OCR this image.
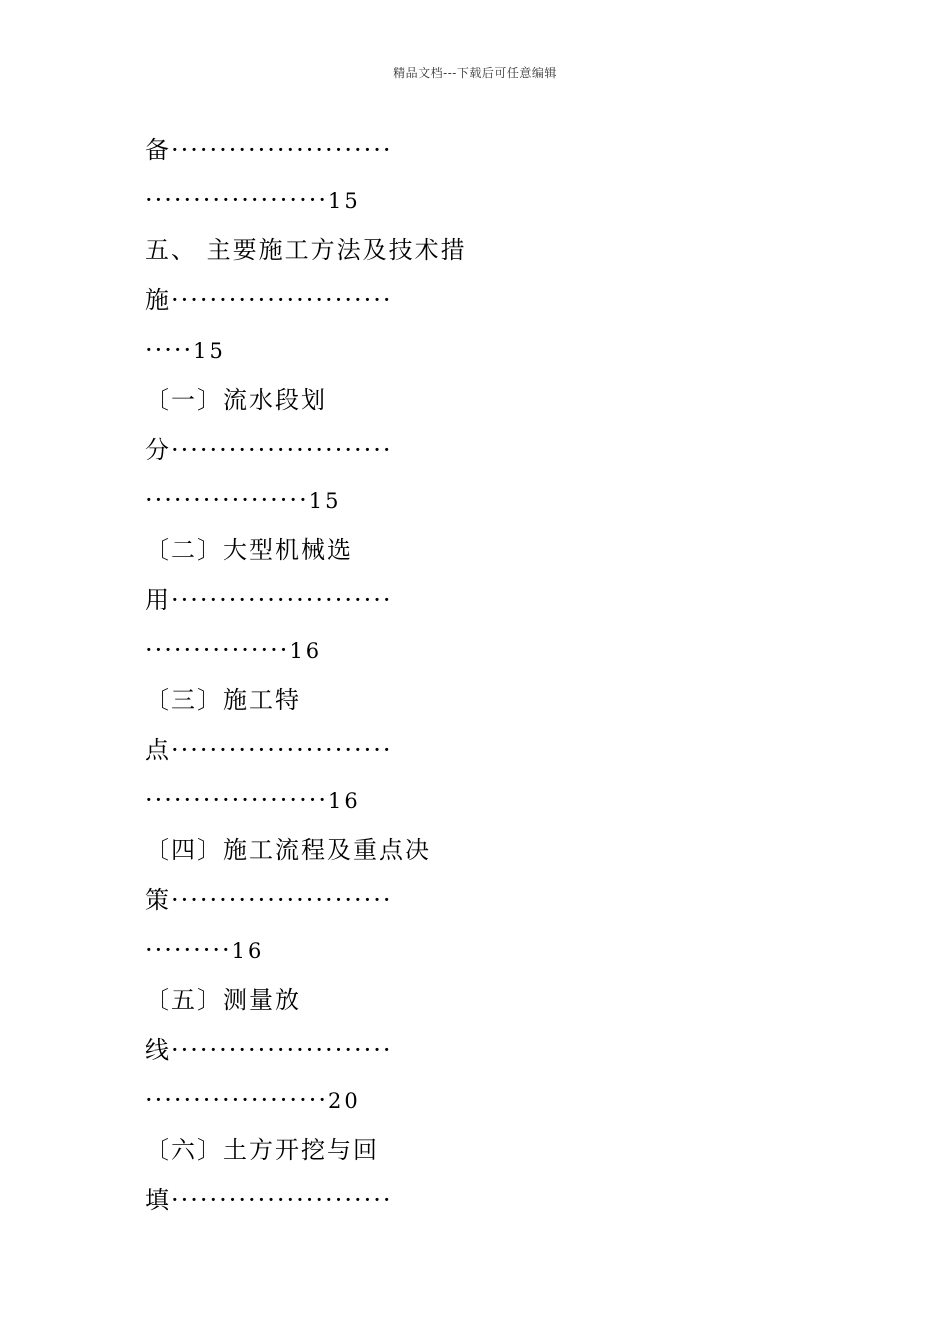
精品文档---下载后可任意编辑
备·······················
···················15
五、 主要施工方法及技术措
施·······················
·····15
〔一〕流水段划
分·······················
·················15
〔二〕大型机械选
用·······················
···············16
〔三〕施工特
点·······················
···················16
〔四〕施工流程及重点决
策·······················
·········16
〔五〕测量放
线·······················
···················20
〔六〕土方开挖与回
填·······················
